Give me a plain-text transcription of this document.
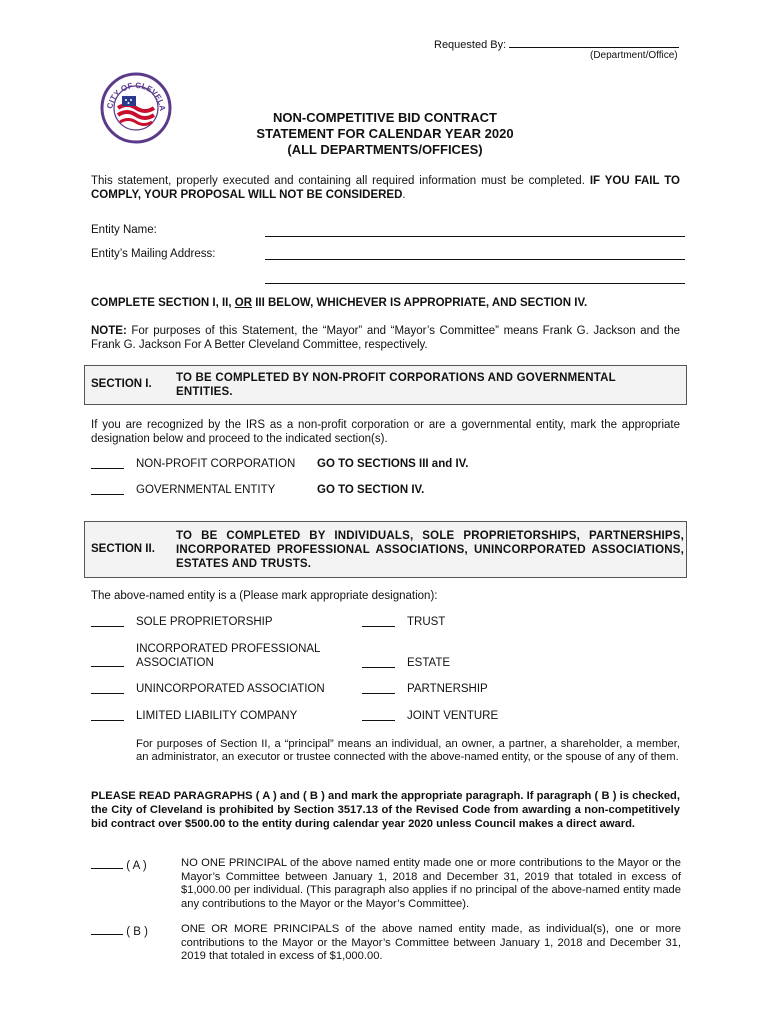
Requested By:
(Department/Office)
CITY OF CLEVELA
NON-COMPETITIVE BID CONTRACT
STATEMENT FOR CALENDAR YEAR 2020
(ALL DEPARTMENTS/OFFICES)
This statement, properly executed and containing all required information must be completed. IF YOU FAIL TO COMPLY, YOUR PROPOSAL WILL NOT BE CONSIDERED.
Entity Name:
Entity’s Mailing Address:
COMPLETE SECTION I, II, OR III BELOW, WHICHEVER IS APPROPRIATE, AND SECTION IV.
NOTE: For purposes of this Statement, the “Mayor” and “Mayor’s Committee” means Frank G. Jackson and the Frank G. Jackson For A Better Cleveland Committee, respectively.
SECTION I. TO BE COMPLETED BY NON-PROFIT CORPORATIONS AND GOVERNMENTAL ENTITIES.
If you are recognized by the IRS as a non-profit corporation or are a governmental entity, mark the appropriate designation below and proceed to the indicated section(s).
NON-PROFIT CORPORATION GO TO SECTIONS III and IV.
GOVERNMENTAL ENTITY	GO TO SECTION IV.
SECTION II.
TO BE COMPLETED BY INDIVIDUALS, SOLE PROPRIETORSHIPS, PARTNERSHIPS,
INCORPORATED PROFESSIONAL ASSOCIATIONS, UNINCORPORATED ASSOCIATIONS,
ESTATES AND TRUSTS.
The above-named entity is a (Please mark appropriate designation):
SOLE PROPRIETORSHIP	TRUST
INCORPORATED PROFESSIONAL
ASSOCIATION	ESTATE
UNINCORPORATED ASSOCIATION	PARTNERSHIP
LIMITED LIABILITY COMPANY	JOINT VENTURE
For purposes of Section II, a “principal” means an individual, an owner, a partner, a shareholder, a member, an administrator, an executor or trustee connected with the above-named entity, or the spouse of any of them.
PLEASE READ PARAGRAPHS ( A ) and ( B ) and mark the appropriate paragraph. If paragraph ( B ) is checked, the City of Cleveland is prohibited by Section 3517.13 of the Revised Code from awarding a non-competitively bid contract over $500.00 to the entity during calendar year 2020 unless Council makes a direct award.
( A )	NO ONE PRINCIPAL of the above named entity made one or more contributions to the Mayor or the Mayor’s Committee between January 1, 2018 and December 31, 2019 that totaled in excess of $1,000.00 per individual. (This paragraph also applies if no principal of the above-named entity made any contributions to the Mayor or the Mayor’s Committee).
( B )	ONE OR MORE PRINCIPALS of the above named entity made, as individual(s), one or more contributions to the Mayor or the Mayor’s Committee between January 1, 2018 and December 31, 2019 that totaled in excess of $1,000.00.
